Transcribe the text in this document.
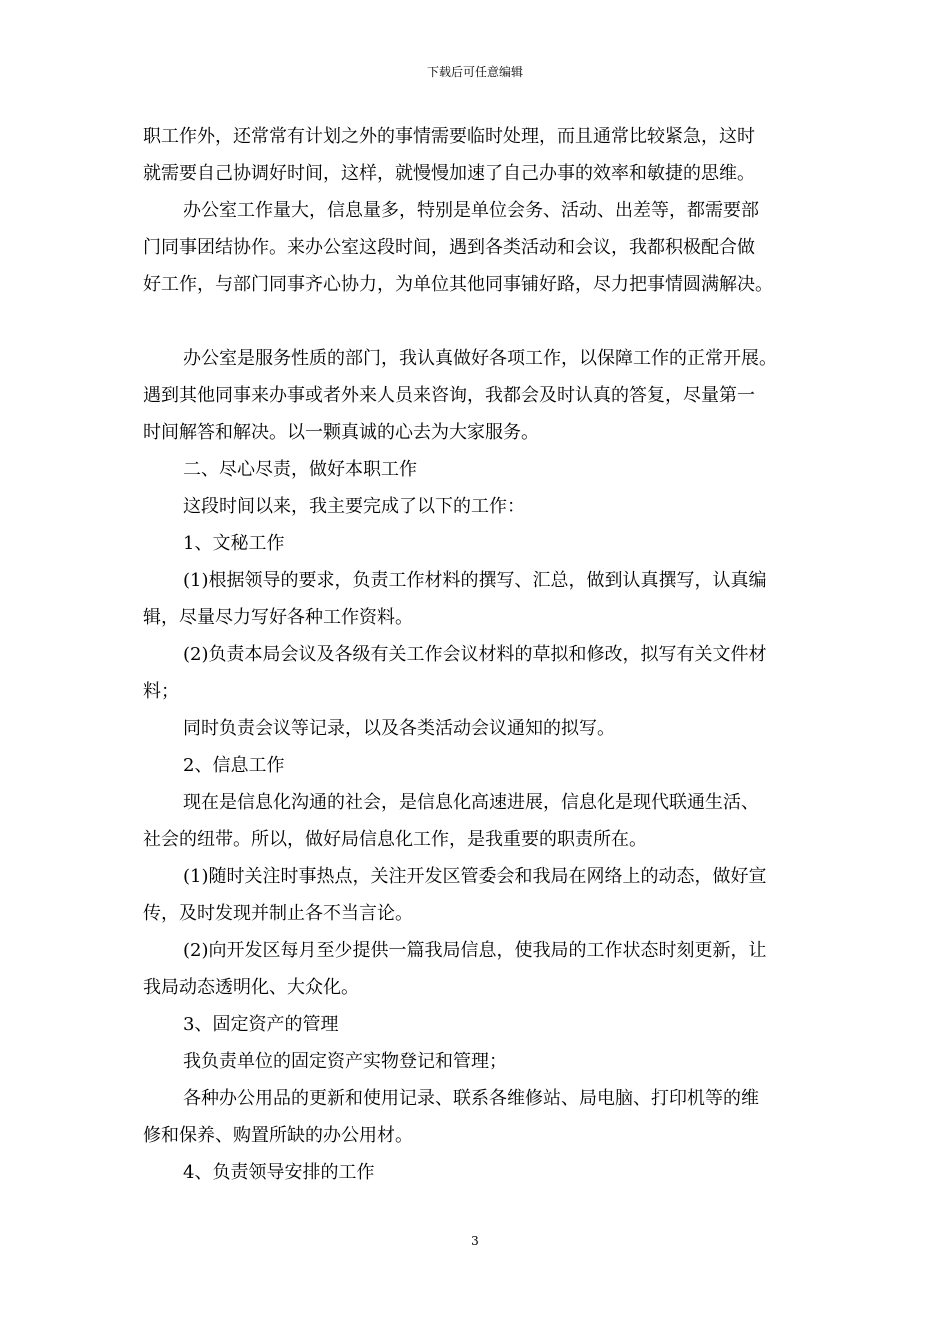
下载后可任意编辑
职工作外，还常常有计划之外的事情需要临时处理，而且通常比较紧急，这时
就需要自己协调好时间，这样，就慢慢加速了自己办事的效率和敏捷的思维。
办公室工作量大，信息量多，特别是单位会务、活动、出差等，都需要部
门同事团结协作。来办公室这段时间，遇到各类活动和会议，我都积极配合做
好工作，与部门同事齐心协力，为单位其他同事铺好路，尽力把事情圆满解决。
办公室是服务性质的部门，我认真做好各项工作，以保障工作的正常开展。
遇到其他同事来办事或者外来人员来咨询，我都会及时认真的答复，尽量第一
时间解答和解决。以一颗真诚的心去为大家服务。
二、尽心尽责，做好本职工作
这段时间以来，我主要完成了以下的工作：
1、文秘工作
(1)根据领导的要求，负责工作材料的撰写、汇总，做到认真撰写，认真编
辑，尽量尽力写好各种工作资料。
(2)负责本局会议及各级有关工作会议材料的草拟和修改，拟写有关文件材
料；
同时负责会议等记录，以及各类活动会议通知的拟写。
2、信息工作
现在是信息化沟通的社会，是信息化高速进展，信息化是现代联通生活、
社会的纽带。所以，做好局信息化工作，是我重要的职责所在。
(1)随时关注时事热点，关注开发区管委会和我局在网络上的动态，做好宣
传，及时发现并制止各不当言论。
(2)向开发区每月至少提供一篇我局信息，使我局的工作状态时刻更新，让
我局动态透明化、大众化。
3、固定资产的管理
我负责单位的固定资产实物登记和管理；
各种办公用品的更新和使用记录、联系各维修站、局电脑、打印机等的维
修和保养、购置所缺的办公用材。
4、负责领导安排的工作
3
